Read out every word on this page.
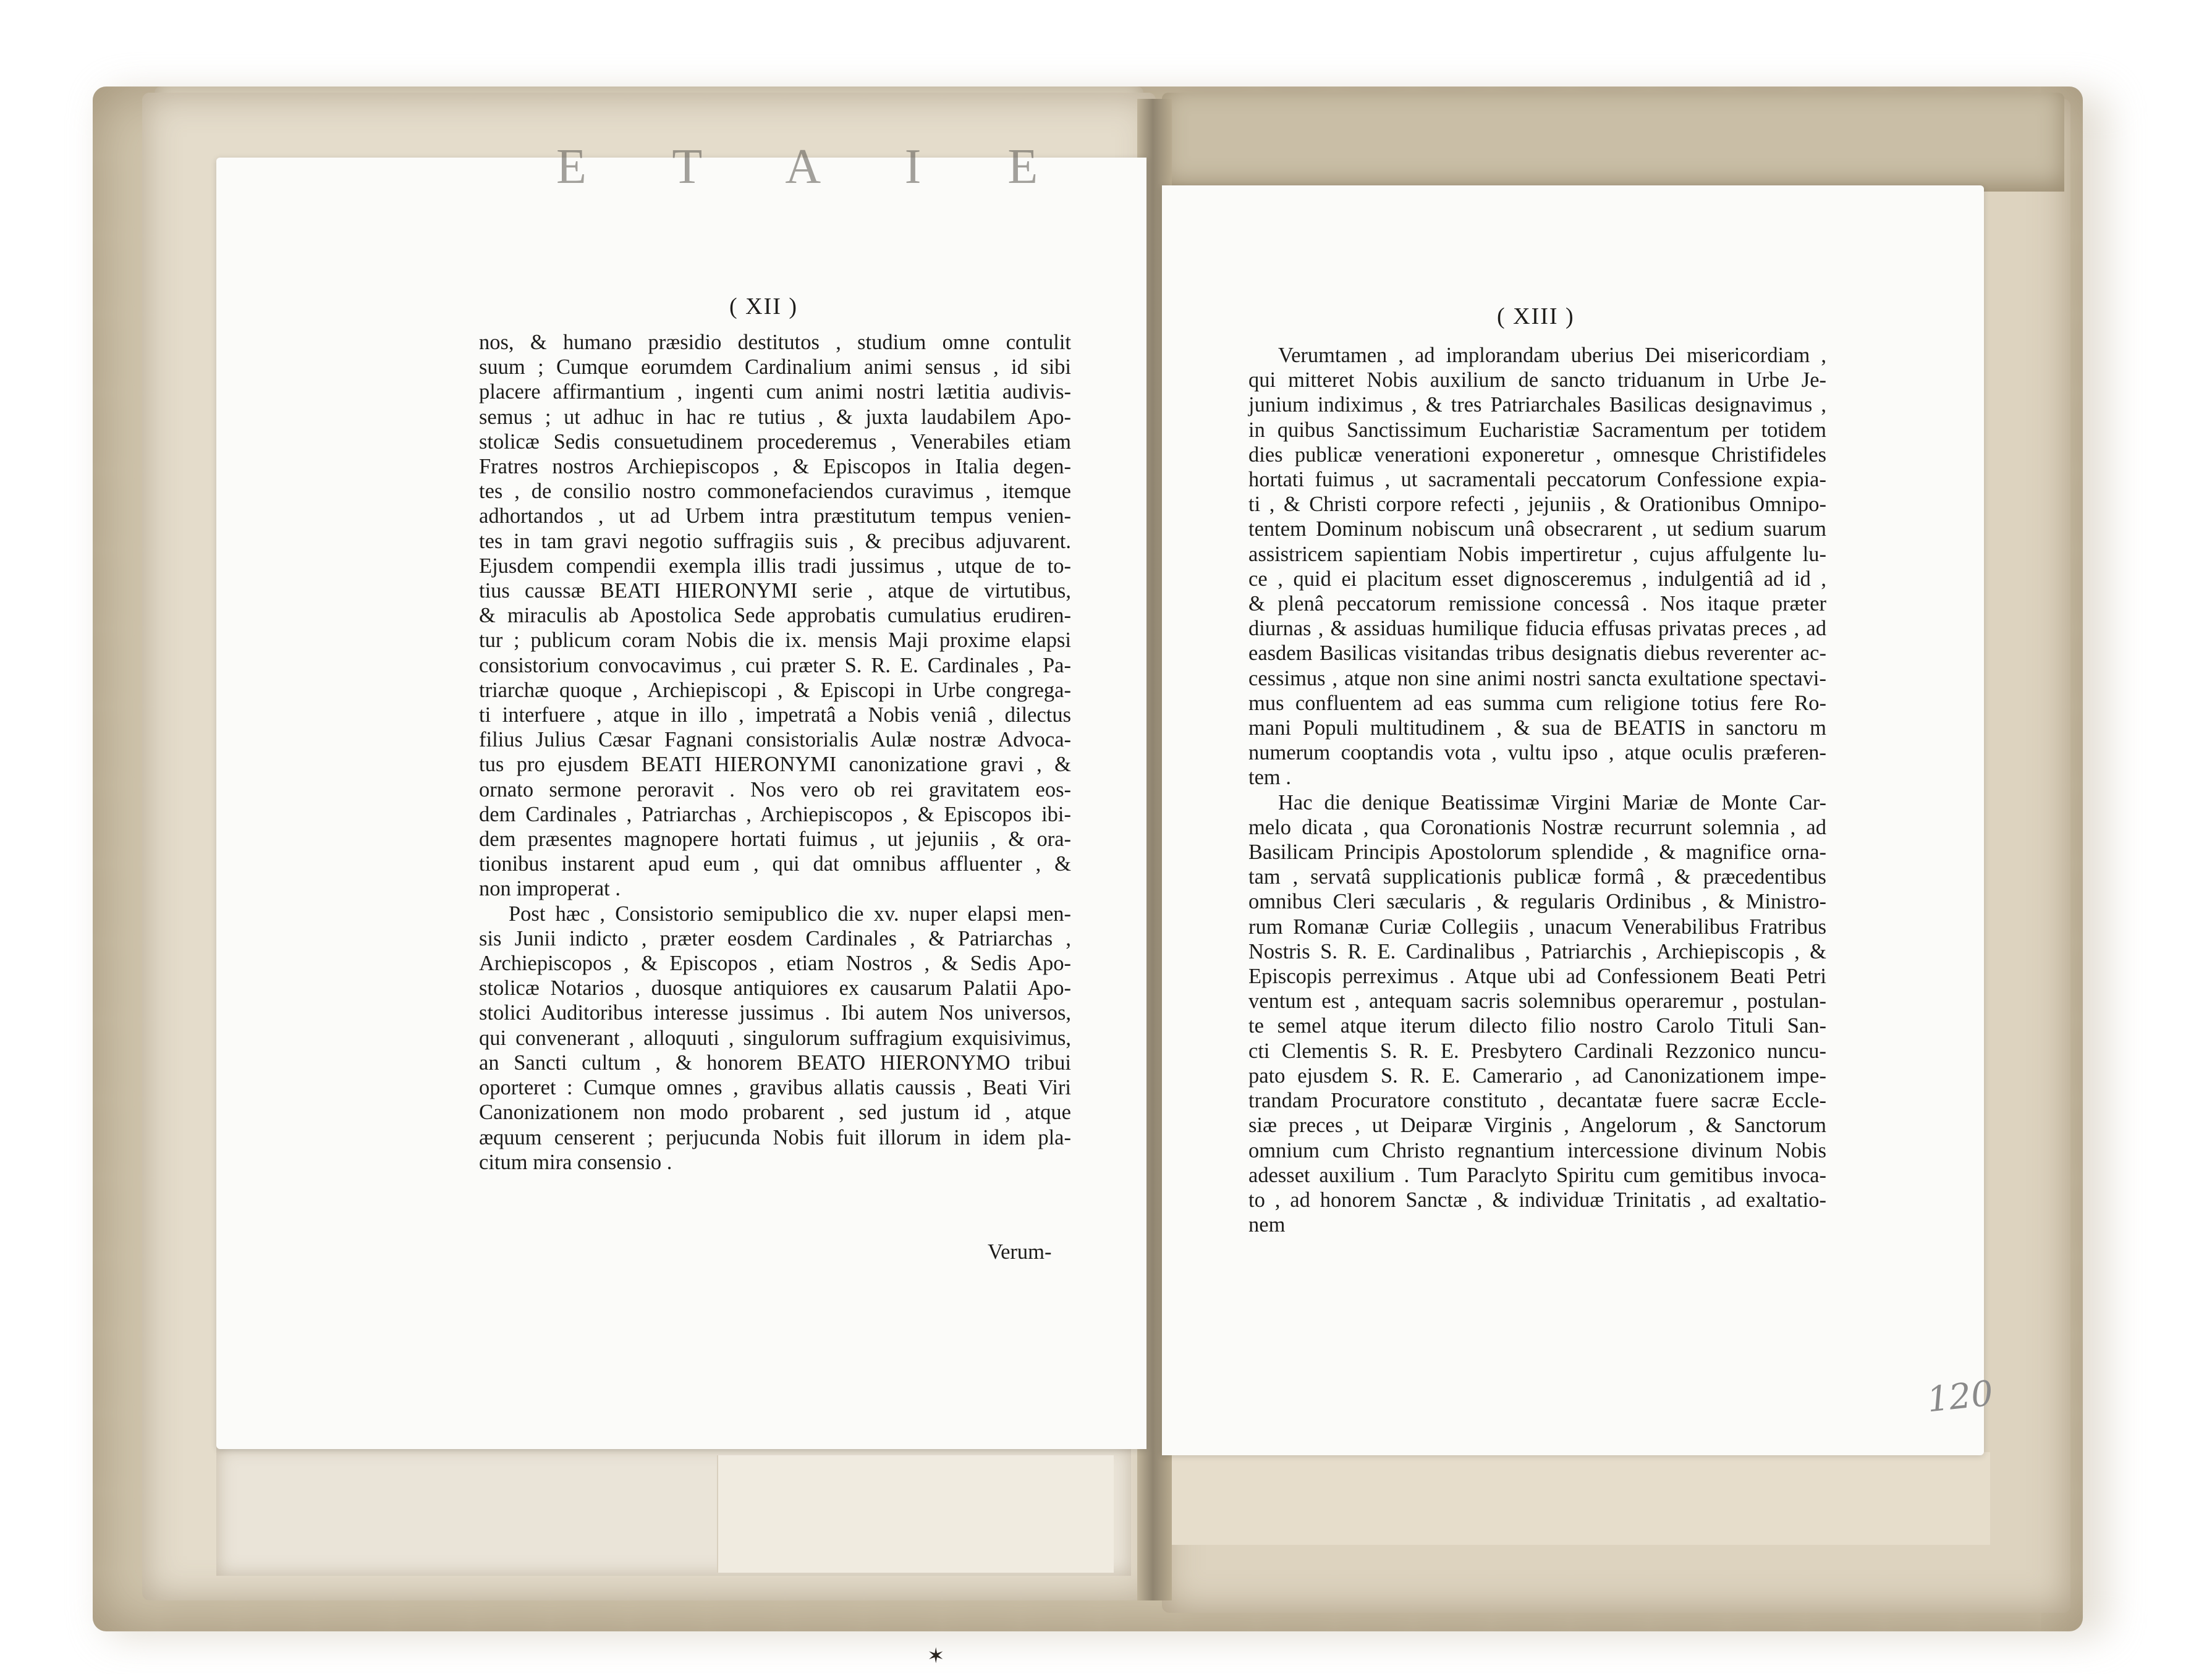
E T A I E
( XII )
nos, & humano præsidio destitutos , studium omne contulit
suum ; Cumque eorumdem Cardinalium animi sensus , id sibi
placere affirmantium , ingenti cum animi nostri lætitia audivis-
semus ; ut adhuc in hac re tutius , & juxta laudabilem Apo-
stolicæ Sedis consuetudinem procederemus , Venerabiles etiam
Fratres nostros Archiepiscopos , & Episcopos in Italia degen-
tes , de consilio nostro commonefaciendos curavimus , itemque
adhortandos , ut ad Urbem intra præstitutum tempus venien-
tes in tam gravi negotio suffragiis suis , & precibus adjuvarent.
Ejusdem compendii exempla illis tradi jussimus , utque de to-
tius caussæ BEATI HIERONYMI serie , atque de virtutibus,
& miraculis ab Apostolica Sede approbatis cumulatius erudiren-
tur ; publicum coram Nobis die ix. mensis Maji proxime elapsi
consistorium convocavimus , cui præter S. R. E. Cardinales , Pa-
triarchæ quoque , Archiepiscopi , & Episcopi in Urbe congrega-
ti interfuere , atque in illo , impetratâ a Nobis veniâ , dilectus
filius Julius Cæsar Fagnani consistorialis Aulæ nostræ Advoca-
tus pro ejusdem BEATI HIERONYMI canonizatione gravi , &
ornato sermone peroravit . Nos vero ob rei gravitatem eos-
dem Cardinales , Patriarchas , Archiepiscopos , & Episcopos ibi-
dem præsentes magnopere hortati fuimus , ut jejuniis , & ora-
tionibus instarent apud eum , qui dat omnibus affluenter , &
non improperat .
Post hæc , Consistorio semipublico die xv. nuper elapsi men-
sis Junii indicto , præter eosdem Cardinales , & Patriarchas ,
Archiepiscopos , & Episcopos , etiam Nostros , & Sedis Apo-
stolicæ Notarios , duosque antiquiores ex causarum Palatii Apo-
stolici Auditoribus interesse jussimus . Ibi autem Nos universos,
qui convenerant , alloquuti , singulorum suffragium exquisivimus,
an Sancti cultum , & honorem BEATO HIERONYMO tribui
oporteret : Cumque omnes , gravibus allatis caussis , Beati Viri
Canonizationem non modo probarent , sed justum id , atque
æquum censerent ; perjucunda Nobis fuit illorum in idem pla-
citum mira consensio .
Verum-
( XIII )
Verumtamen , ad implorandam uberius Dei misericordiam ,
qui mitteret Nobis auxilium de sancto triduanum in Urbe Je-
junium indiximus , & tres Patriarchales Basilicas designavimus ,
in quibus Sanctissimum Eucharistiæ Sacramentum per totidem
dies publicæ venerationi exponeretur , omnesque Christifideles
hortati fuimus , ut sacramentali peccatorum Confessione expia-
ti , & Christi corpore refecti , jejuniis , & Orationibus Omnipo-
tentem Dominum nobiscum unâ obsecrarent , ut sedium suarum
assistricem sapientiam Nobis impertiretur , cujus affulgente lu-
ce , quid ei placitum esset dignosceremus , indulgentiâ ad id ,
& plenâ peccatorum remissione concessâ . Nos itaque præter
diurnas , & assiduas humilique fiducia effusas privatas preces , ad
easdem Basilicas visitandas tribus designatis diebus reverenter ac-
cessimus , atque non sine animi nostri sancta exultatione spectavi-
mus confluentem ad eas summa cum religione totius fere Ro-
mani Populi multitudinem , & sua de BEATIS in sanctoru m
numerum cooptandis vota , vultu ipso , atque oculis præferen-
tem .
Hac die denique Beatissimæ Virgini Mariæ de Monte Car-
melo dicata , qua Coronationis Nostræ recurrunt solemnia , ad
Basilicam Principis Apostolorum splendide , & magnifice orna-
tam , servatâ supplicationis publicæ formâ , & præcedentibus
omnibus Cleri sæcularis , & regularis Ordinibus , & Ministro-
rum Romanæ Curiæ Collegiis , unacum Venerabilibus Fratribus
Nostris S. R. E. Cardinalibus , Patriarchis , Archiepiscopis , &
Episcopis perreximus . Atque ubi ad Confessionem Beati Petri
ventum est , antequam sacris solemnibus operaremur , postulan-
te semel atque iterum dilecto filio nostro Carolo Tituli San-
cti Clementis S. R. E. Presbytero Cardinali Rezzonico nuncu-
pato ejusdem S. R. E. Camerario , ad Canonizationem impe-
trandam Procuratore constituto , decantatæ fuere sacræ Eccle-
siæ preces , ut Deiparæ Virginis , Angelorum , & Sanctorum
omnium cum Christo regnantium intercessione divinum Nobis
adesset auxilium . Tum Paraclyto Spiritu cum gemitibus invoca-
to , ad honorem Sanctæ , & individuæ Trinitatis , ad exaltatio-
nem
120
✶
